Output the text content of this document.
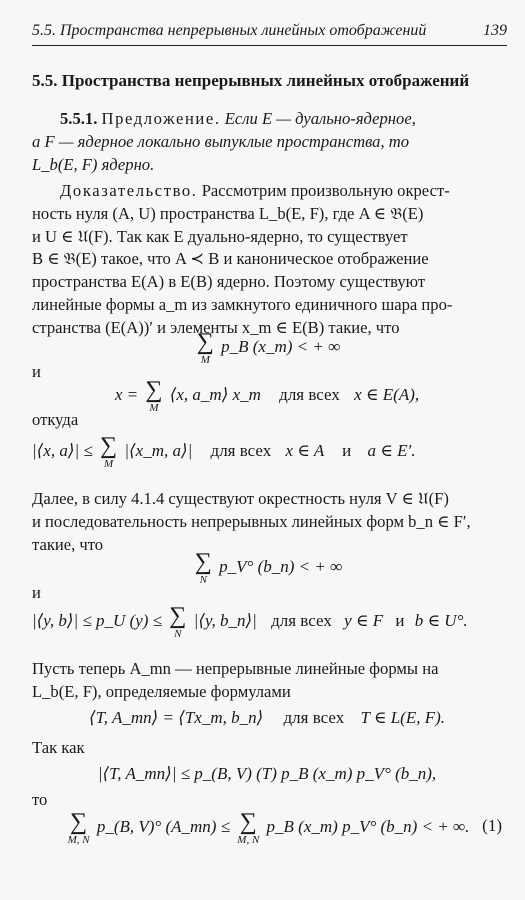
5.5. Пространства непрерывных линейных отображений	139
5.5. Пространства непрерывных линейных отображений
5.5.1. Предложение. Если E — дуально-ядерное,
а F — ядерное локально выпуклые пространства, то
L_b(E, F) ядерно.
Доказательство. Рассмотрим произвольную окрест-
ность нуля (A, U) пространства L_b(E, F), где A ∈ 𝔅(E)
и U ∈ 𝔘(F). Так как E дуально-ядерно, то существует
B ∈ 𝔅(E) такое, что A ≺ B и каноническое отображение
пространства E(A) в E(B) ядерно. Поэтому существуют
линейные формы a_m из замкнутого единичного шара про-
странства (E(A))′ и элементы x_m ∈ E(B) такие, что
∑
M
p_B (x_m) < + ∞
и
x = ∑
M
⟨x, a_m⟩ x_m для всех x ∈ E(A),
откуда
|⟨x, a⟩| ≤ ∑
M
|⟨x_m, a⟩| для всех x ∈ A и a ∈ E′.
Далее, в силу 4.1.4 существуют окрестность нуля V ∈ 𝔘(F)
и последовательность непрерывных линейных форм b_n ∈ F′,
такие, что
∑
N
p_V° (b_n) < + ∞
и
|⟨y, b⟩| ≤ p_U (y) ≤ ∑
N
|⟨y, b_n⟩| для всех y ∈ F и b ∈ U°.
Пусть теперь A_mn — непрерывные линейные формы на
L_b(E, F), определяемые формулами
⟨T, A_mn⟩ = ⟨Tx_m, b_n⟩ для всех T ∈ L(E, F).
Так как
|⟨T, A_mn⟩| ≤ p_(B, V) (T) p_B (x_m) p_V° (b_n),
то
∑
M, N
p_(B, V)° (A_mn) ≤ ∑
M, N
p_B (x_m) p_V° (b_n) < + ∞. (1)
